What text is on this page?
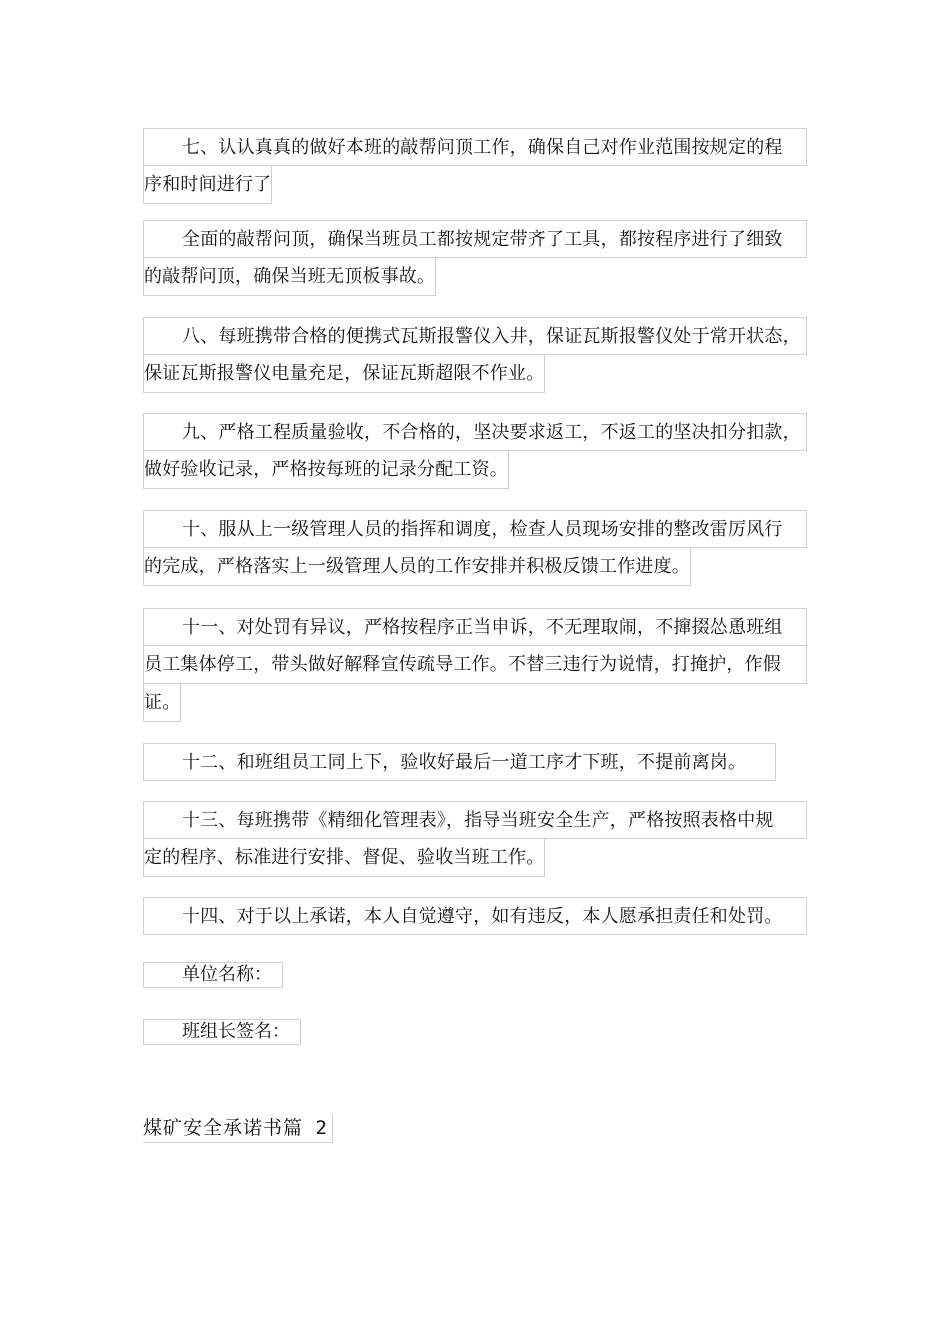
七、认认真真的做好本班的敲帮问顶工作，确保自己对作业范围按规定的程
序和时间进行了
全面的敲帮问顶，确保当班员工都按规定带齐了工具，都按程序进行了细致
的敲帮问顶，确保当班无顶板事故。
八、每班携带合格的便携式瓦斯报警仪入井，保证瓦斯报警仪处于常开状态，
保证瓦斯报警仪电量充足，保证瓦斯超限不作业。
九、严格工程质量验收，不合格的，坚决要求返工，不返工的坚决扣分扣款，
做好验收记录，严格按每班的记录分配工资。
十、服从上一级管理人员的指挥和调度，检查人员现场安排的整改雷厉风行
的完成，严格落实上一级管理人员的工作安排并积极反馈工作进度。
十一、对处罚有异议，严格按程序正当申诉，不无理取闹，不撺掇怂恿班组
员工集体停工，带头做好解释宣传疏导工作。不替三违行为说情，打掩护，作假
证。
十二、和班组员工同上下，验收好最后一道工序才下班，不提前离岗。
十三、每班携带《精细化管理表》，指导当班安全生产，严格按照表格中规
定的程序、标准进行安排、督促、验收当班工作。
十四、对于以上承诺，本人自觉遵守，如有违反，本人愿承担责任和处罚。
单位名称：
班组长签名：
煤矿安全承诺书篇 2
